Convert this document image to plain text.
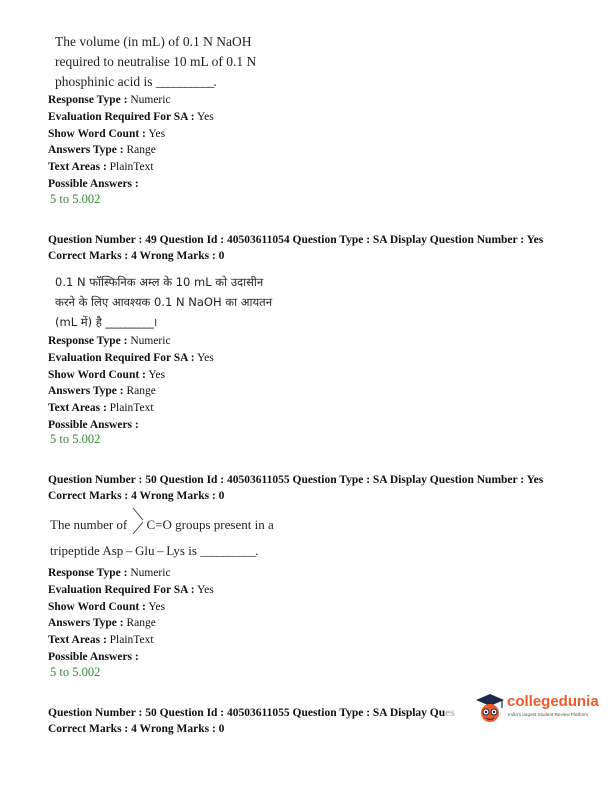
The volume (in mL) of 0.1 N NaOH
required to neutralise 10 mL of 0.1 N
phosphinic acid is __________.
Response Type : Numeric
Evaluation Required For SA : Yes
Show Word Count : Yes
Answers Type : Range
Text Areas : PlainText
Possible Answers :
5 to 5.002
Question Number : 49 Question Id : 40503611054 Question Type : SA Display Question Number : Yes
Correct Marks : 4 Wrong Marks : 0
0.1 N फॉस्फिनिक अम्ल के 10 mL को उदासीन
करने के लिए आवश्यक 0.1 N NaOH का आयतन
(mL में) है __________।
Response Type : Numeric
Evaluation Required For SA : Yes
Show Word Count : Yes
Answers Type : Range
Text Areas : PlainText
Possible Answers :
5 to 5.002
Question Number : 50 Question Id : 40503611055 Question Type : SA Display Question Number : Yes
Correct Marks : 4 Wrong Marks : 0
The number of
C=O groups present in a
tripeptide Asp – Glu – Lys is __________.
Response Type : Numeric
Evaluation Required For SA : Yes
Show Word Count : Yes
Answers Type : Range
Text Areas : PlainText
Possible Answers :
5 to 5.002
Question Number : 50 Question Id : 40503611055 Question Type : SA Display Ques
Correct Marks : 4 Wrong Marks : 0
collegedunia
India's largest Student Review Platform
